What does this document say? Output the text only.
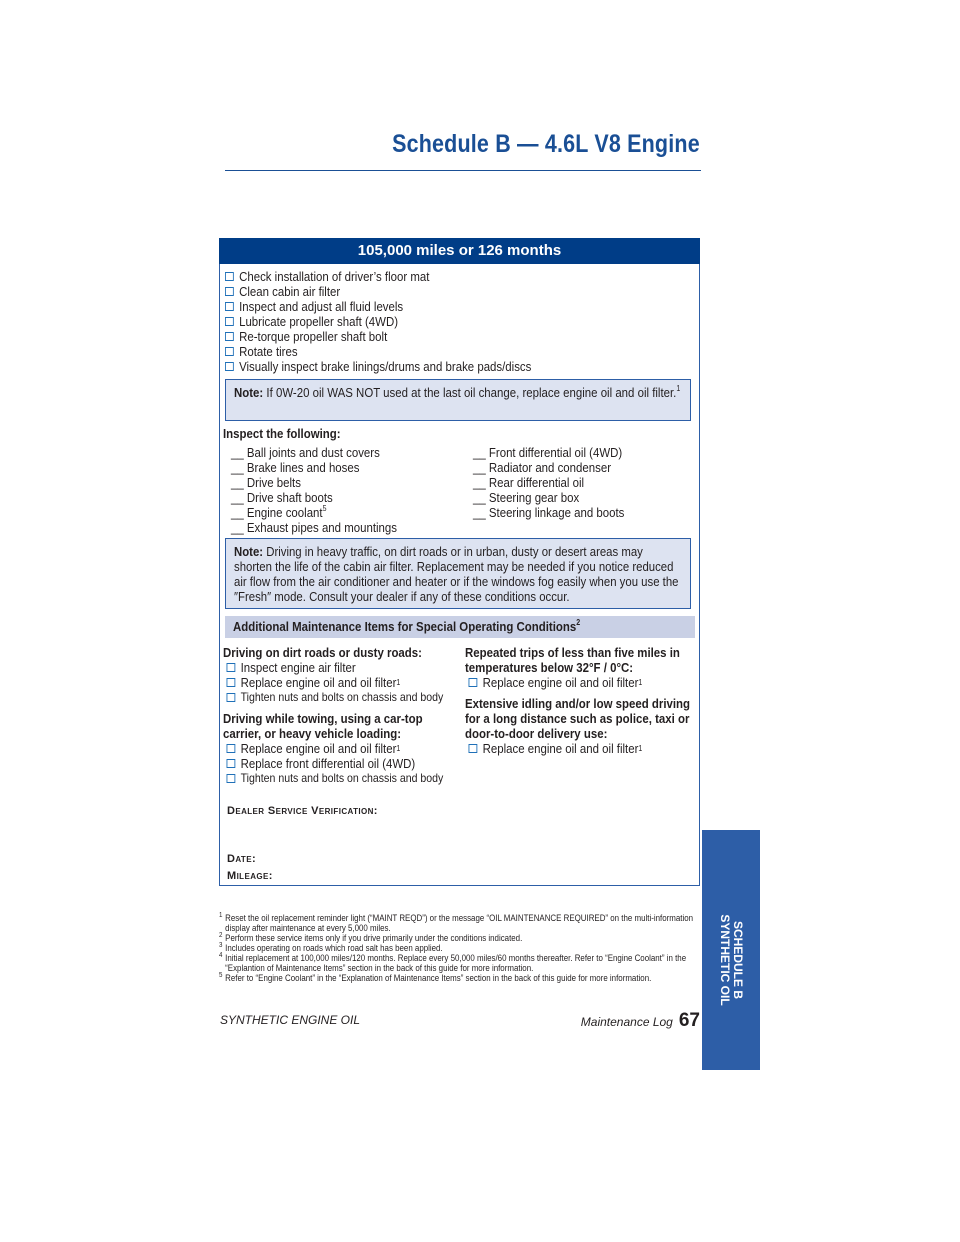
Schedule B — 4.6L V8 Engine
105,000 miles or 126 months
Check installation of driver’s floor mat
Clean cabin air filter
Inspect and adjust all fluid levels
Lubricate propeller shaft (4WD)
Re-torque propeller shaft bolt
Rotate tires
Visually inspect brake linings/drums and brake pads/discs
Note: If 0W-20 oil WAS NOT used at the last oil change, replace engine oil and oil filter.$^1$
Inspect the following:
__ Ball joints and dust covers
__ Brake lines and hoses
__ Drive belts
__ Drive shaft boots
__ Engine coolant$^5$
__ Exhaust pipes and mountings
__ Front differential oil (4WD)
__ Radiator and condenser
__ Rear differential oil
__ Steering gear box
__ Steering linkage and boots
Note: Driving in heavy traffic, on dirt roads or in urban, dusty or desert areas may shorten the life of the cabin air filter. Replacement may be needed if you notice reduced air flow from the air conditioner and heater or if the windows fog easily when you use the ″Fresh″ mode. Consult your dealer if any of these conditions occur.
Additional Maintenance Items for Special Operating Conditions$^2$
Driving on dirt roads or dusty roads:
Inspect engine air filter
Replace engine oil and oil filter 1
Tighten nuts and bolts on chassis and body
Driving while towing, using a car-top carrier, or heavy vehicle loading:
Replace engine oil and oil filter 1
Replace front differential oil (4WD)
Tighten nuts and bolts on chassis and body
Repeated trips of less than five miles in temperatures below 32°F / 0°C:
Replace engine oil and oil filter 1
Extensive idling and/or low speed driving for a long distance such as police, taxi or door-to-door delivery use:
Replace engine oil and oil filter 1
Dealer Service Verification:
Date:
Mileage:
1 Reset the oil replacement reminder light (“MAINT REQD”) or the message “OIL MAINTENANCE REQUIRED” on the multi-information display after maintenance at every 5,000 miles.
2 Perform these service items only if you drive primarily under the conditions indicated.
3 Includes operating on roads which road salt has been applied.
4 Initial replacement at 100,000 miles/120 months. Replace every 50,000 miles/60 months thereafter. Refer to “Engine Coolant” in the “Explantion of Maintenance Items” section in the back of this guide for more information.
5 Refer to “Engine Coolant” in the “Explanation of Maintenance Items” section in the back of this guide for more information.
SYNTHETIC ENGINE OIL	Maintenance Log 67
SCHEDULE B
SYNTHETIC OIL
